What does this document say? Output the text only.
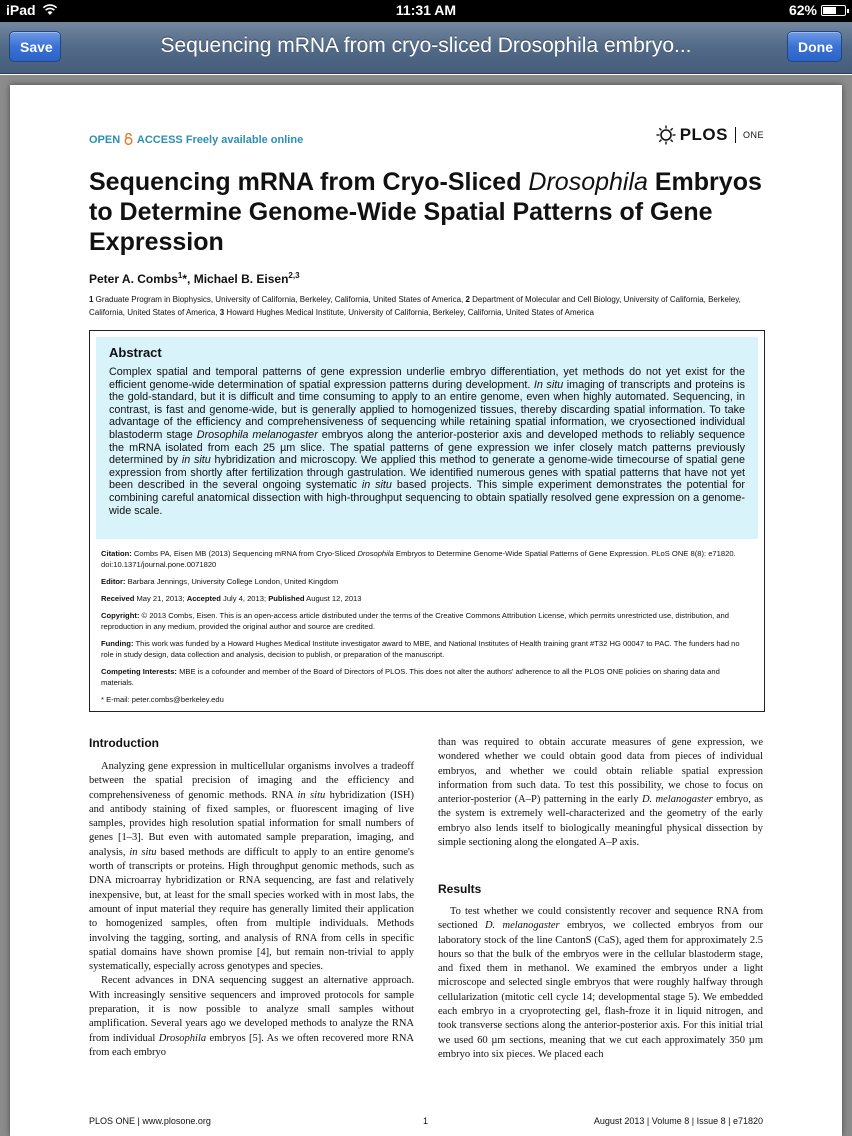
iPad	11:31 AM	62%
Save	Sequencing mRNA from cryo-sliced Drosophila embryo...	Done
OPEN ACCESS Freely available online	PLOS ONE
Sequencing mRNA from Cryo-Sliced Drosophila Embryos to Determine Genome-Wide Spatial Patterns of Gene Expression
Peter A. Combs$^1$*, Michael B. Eisen$^{2,3}$
1 Graduate Program in Biophysics, University of California, Berkeley, California, United States of America, 2 Department of Molecular and Cell Biology, University of California, Berkeley, California, United States of America, 3 Howard Hughes Medical Institute, University of California, Berkeley, California, United States of America
Abstract

Complex spatial and temporal patterns of gene expression underlie embryo differentiation, yet methods do not yet exist for the efficient genome-wide determination of spatial expression patterns during development. In situ imaging of transcripts and proteins is the gold-standard, but it is difficult and time consuming to apply to an entire genome, even when highly automated. Sequencing, in contrast, is fast and genome-wide, but is generally applied to homogenized tissues, thereby discarding spatial information. To take advantage of the efficiency and comprehensiveness of sequencing while retaining spatial information, we cryosectioned individual blastoderm stage Drosophila melanogaster embryos along the anterior-posterior axis and developed methods to reliably sequence the mRNA isolated from each 25 µm slice. The spatial patterns of gene expression we infer closely match patterns previously determined by in situ hybridization and microscopy. We applied this method to generate a genome-wide timecourse of spatial gene expression from shortly after fertilization through gastrulation. We identified numerous genes with spatial patterns that have not yet been described in the several ongoing systematic in situ based projects. This simple experiment demonstrates the potential for combining careful anatomical dissection with high-throughput sequencing to obtain spatially resolved gene expression on a genome-wide scale.

Citation: Combs PA, Eisen MB (2013) Sequencing mRNA from Cryo-Sliced Drosophila Embryos to Determine Genome-Wide Spatial Patterns of Gene Expression. PLoS ONE 8(8): e71820. doi:10.1371/journal.pone.0071820
Editor: Barbara Jennings, University College London, United Kingdom
Received May 21, 2013; Accepted July 4, 2013; Published August 12, 2013
Copyright: © 2013 Combs, Eisen. This is an open-access article distributed under the terms of the Creative Commons Attribution License, which permits unrestricted use, distribution, and reproduction in any medium, provided the original author and source are credited.
Funding: This work was funded by a Howard Hughes Medical Institute investigator award to MBE, and National Institutes of Health training grant #T32 HG 00047 to PAC. The funders had no role in study design, data collection and analysis, decision to publish, or preparation of the manuscript.
Competing Interests: MBE is a cofounder and member of the Board of Directors of PLOS. This does not alter the authors' adherence to all the PLOS ONE policies on sharing data and materials.
* E-mail: peter.combs@berkeley.edu
Introduction

Analyzing gene expression in multicellular organisms involves a tradeoff between the spatial precision of imaging and the efficiency and comprehensiveness of genomic methods. RNA in situ hybridization (ISH) and antibody staining of fixed samples, or fluorescent imaging of live samples, provides high resolution spatial information for small numbers of genes [1–3]. But even with automated sample preparation, imaging, and analysis, in situ based methods are difficult to apply to an entire genome's worth of transcripts or proteins. High throughput genomic methods, such as DNA microarray hybridization or RNA sequencing, are fast and relatively inexpensive, but, at least for the small species worked with in most labs, the amount of input material they require has generally limited their application to homogenized samples, often from multiple individuals. Methods involving the tagging, sorting, and analysis of RNA from cells in specific spatial domains have shown promise [4], but remain non-trivial to apply systematically, especially across genotypes and species.

Recent advances in DNA sequencing suggest an alternative approach. With increasingly sensitive sequencers and improved protocols for sample preparation, it is now possible to analyze small samples without amplification. Several years ago we developed methods to analyze the RNA from individual Drosophila embryos [5]. As we often recovered more RNA from each embryo

than was required to obtain accurate measures of gene expression, we wondered whether we could obtain good data from pieces of individual embryos, and whether we could obtain reliable spatial expression information from such data. To test this possibility, we chose to focus on anterior-posterior (A–P) patterning in the early D. melanogaster embryo, as the system is extremely well-characterized and the geometry of the early embryo also lends itself to biologically meaningful physical dissection by simple sectioning along the elongated A–P axis.

Results

To test whether we could consistently recover and sequence RNA from sectioned D. melanogaster embryos, we collected embryos from our laboratory stock of the line CantonS (CaS), aged them for approximately 2.5 hours so that the bulk of the embryos were in the cellular blastoderm stage, and fixed them in methanol. We examined the embryos under a light microscope and selected single embryos that were roughly halfway through cellularization (mitotic cell cycle 14; developmental stage 5). We embedded each embryo in a cryoprotecting gel, flash-froze it in liquid nitrogen, and took transverse sections along the anterior-posterior axis. For this initial trial we used 60 µm sections, meaning that we cut each approximately 350 µm embryo into six pieces. We placed each

PLOS ONE | www.plosone.org	1	August 2013 | Volume 8 | Issue 8 | e71820
